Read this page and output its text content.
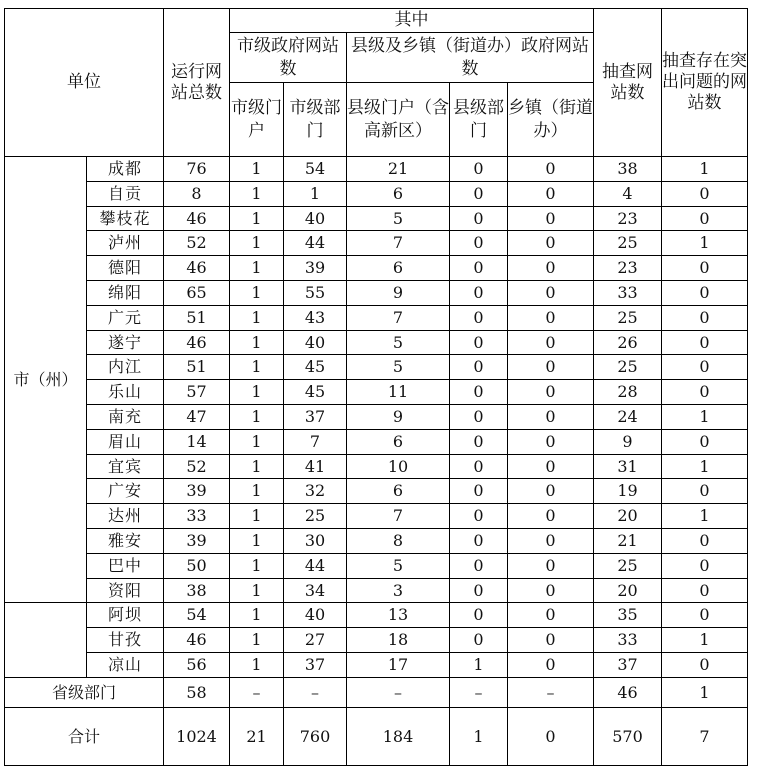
单位		运行网站总数	其中					抽查网站数	抽查存在突出问题的网站数
			市级政府网站数		县级及乡镇（街道办）政府网站数				
			市级门户	市级部门	县级门户（含高新区）	县级部门	乡镇（街道办）		
市（州）	成都	76	1	54	21	0	0	38	1
	自贡	8	1	1	6	0	0	4	0
	攀枝花	46	1	40	5	0	0	23	0
	泸州	52	1	44	7	0	0	25	1
	德阳	46	1	39	6	0	0	23	0
	绵阳	65	1	55	9	0	0	33	0
	广元	51	1	43	7	0	0	25	0
	遂宁	46	1	40	5	0	0	26	0
	内江	51	1	45	5	0	0	25	0
	乐山	57	1	45	11	0	0	28	0
	南充	47	1	37	9	0	0	24	1
	眉山	14	1	7	6	0	0	9	0
	宜宾	52	1	41	10	0	0	31	1
	广安	39	1	32	6	0	0	19	0
	达州	33	1	25	7	0	0	20	1
	雅安	39	1	30	8	0	0	21	0
	巴中	50	1	44	5	0	0	25	0
	资阳	38	1	34	3	0	0	20	0
	阿坝	54	1	40	13	0	0	35	0
	甘孜	46	1	27	18	0	0	33	1
	凉山	56	1	37	17	1	0	37	0
省级部门		58	–	–	–	–	–	46	1
合计		1024	21	760	184	1	0	570	7
